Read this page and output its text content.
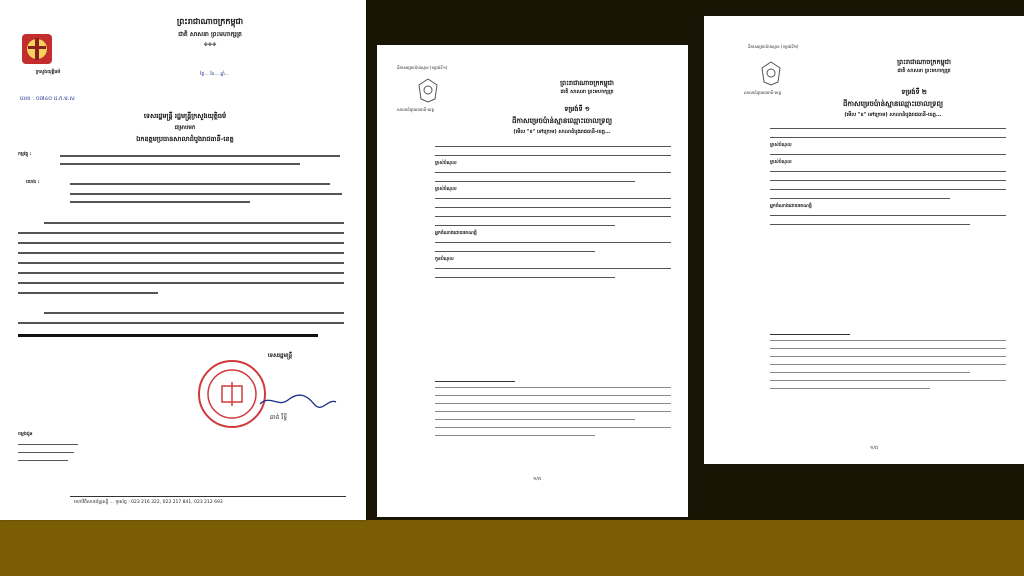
ក្រសួងយុត្តិធម៌
ព្រះរាជាណាចក្រកម្ពុជា
ជាតិ សាសនា ព្រះមហាក្សត្រ
✤✤✤
ថ្ងៃ... ខែ... ឆ្នាំ...
លេខ : ០៧៤០ ដ.ក.ម.ស
ទេសរដ្ឋមន្ត្រី រដ្ឋមន្ត្រីក្រសួងយុត្តិធម៌
ជម្រាបមក
ឯកឧត្តមប្រធានសាលាដំបូងរាជធានី-ខេត្ត
កម្មវត្ថុ :
យោង :
ទេសរដ្ឋមន្ត្រី
ឆាត់ រឹទ្ធី
ចម្លងជូន
មហាវិថីសហព័ន្ធរុស្ស៊ី ... ទូរស័ព្ទ : 023 216 322, 023 217 841, 023 212 693
ដីកាសម្រេចប៉ាន់ស្មាន (ទម្រង់ទី១)
ព្រះរាជាណាចក្រកម្ពុជា
ជាតិ សាសនា ព្រះមហាក្សត្រ
សាលាដំបូងរាជធានី-ខេត្ត	ទម្រង់ទី ១
ដីកាសម្រេចប៉ាន់ស្មានឈ្មោះចោលទ្រព្យ
(មើល "ខ" ទៅក្រោម) សាលាដំបូងរាជធានី-ខេត្ត...
ម្ចាស់បំណុល
ម្ចាស់បំណុល
អ្នកតំណាងដោយអាណត្តិ
កូនបំណុល
១/៥
ដីកាសម្រេចប៉ាន់ស្មាន (ទម្រង់ទី២)
ព្រះរាជាណាចក្រកម្ពុជា
ជាតិ សាសនា ព្រះមហាក្សត្រ
សាលាដំបូងរាជធានី-ខេត្ត	ទម្រង់ទី ២
ដីកាសម្រេចប៉ាន់ស្មានឈ្មោះចោលទ្រព្យ
(មើល "ខ" ទៅក្រោម) សាលាដំបូងរាជធានី-ខេត្ត...
ម្ចាស់បំណុល
ម្ចាស់បំណុល
អ្នកតំណាងដោយអាណត្តិ
១/៥
